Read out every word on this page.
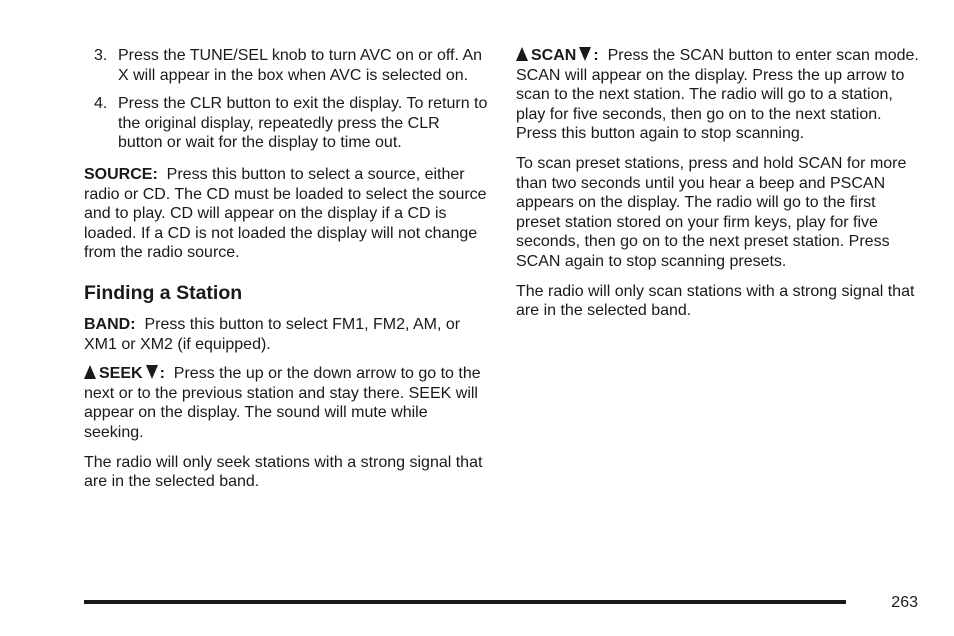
3. Press the TUNE/SEL knob to turn AVC on or off. An X will appear in the box when AVC is selected on.
4. Press the CLR button to exit the display. To return to the original display, repeatedly press the CLR button or wait for the display to time out.

SOURCE: Press this button to select a source, either radio or CD. The CD must be loaded to select the source and to play. CD will appear on the display if a CD is loaded. If a CD is not loaded the display will not change from the radio source.

Finding a Station

BAND: Press this button to select FM1, FM2, AM, or XM1 or XM2 (if equipped).

SEEK : Press the up or the down arrow to go to the next or to the previous station and stay there. SEEK will appear on the display. The sound will mute while seeking.

The radio will only seek stations with a strong signal that are in the selected band.

SCAN : Press the SCAN button to enter scan mode. SCAN will appear on the display. Press the up arrow to scan to the next station. The radio will go to a station, play for five seconds, then go on to the next station. Press this button again to stop scanning.

To scan preset stations, press and hold SCAN for more than two seconds until you hear a beep and PSCAN appears on the display. The radio will go to the first preset station stored on your firm keys, play for five seconds, then go on to the next preset station. Press SCAN again to stop scanning presets.

The radio will only scan stations with a strong signal that are in the selected band.

263
